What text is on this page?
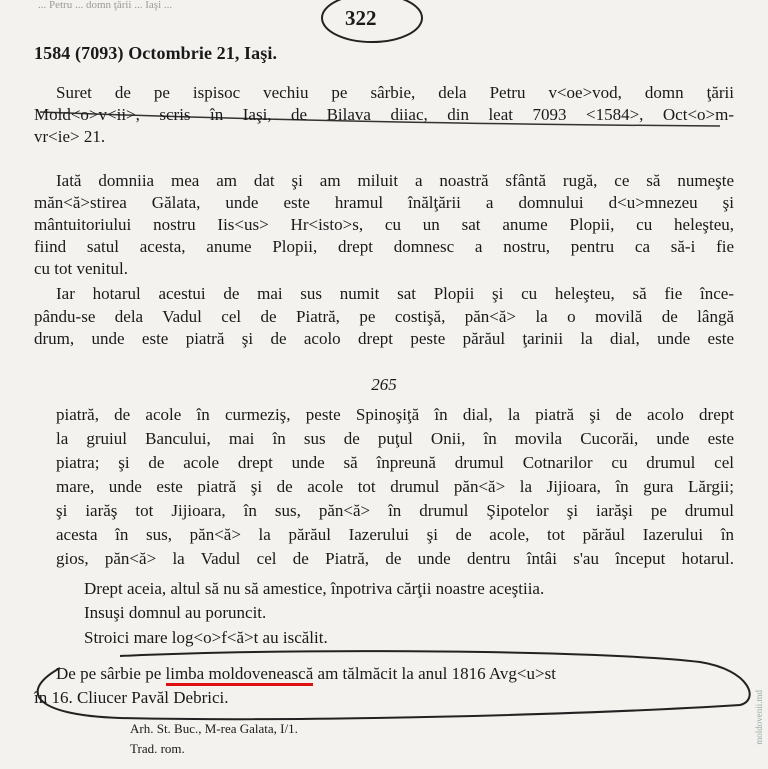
... Petru ... domn ţării ... Iaşi ...
322
1584 (7093) Octombrie 21, Iaşi.
Suret de pe ispisoc vechiu pe sârbie, dela Petru v<oe>vod, domn ţării
Mold<o>v<ii>, scris în Iaşi, de Bilava diiac, din leat 7093 <1584>, Oct<o>m-
vr<ie> 21.
Iată domniia mea am dat şi am miluit a noastră sfântă rugă, ce să numeşte
măn<ă>stirea Gălata, unde este hramul înălţării a domnului d<u>mnezeu şi
mântuitoriului nostru Iis<us> Hr<isto>s, cu un sat anume Plopii, cu heleşteu,
fiind satul acesta, anume Plopii, drept domnesc a nostru, pentru ca să-i fie
cu tot venitul.
Iar hotarul acestui de mai sus numit sat Plopii şi cu heleşteu, să fie înce-
pându-se dela Vadul cel de Piatră, pe costişă, păn<ă> la o movilă de lângă
drum, unde este piatră şi de acolo drept peste părăul ţarinii la dial, unde este
265
piatră, de acole în curmeziş, peste Spinoşiţă în dial, la piatră şi de acolo drept
la gruiul Bancului, mai în sus de puţul Onii, în movila Cucorăi, unde este
piatra; şi de acole drept unde să înpreună drumul Cotnarilor cu drumul cel
mare, unde este piatră şi de acole tot drumul păn<ă> la Jijioara, în gura Lărgii;
şi iarăş tot Jijioara, în sus, păn<ă> în drumul Şipotelor şi iarăşi pe drumul
acesta în sus, păn<ă> la părăul Iazerului şi de acole, tot părăul Iazerului în
gios, păn<ă> la Vadul cel de Piatră, de unde dentru întâi s'au început hotarul.
Drept aceia, altul să nu să amestice, înpotriva cărţii noastre aceştiia.
Insuşi domnul au poruncit.
Stroici mare log<o>f<ă>t au iscălit.
De pe sârbie pe limba moldovenească am tălmăcit la anul 1816 Avg<u>st
în 16. Cliucer Pavăl Debrici.
Arh. St. Buc., M-rea Galata, I/1.
Trad. rom.
moldovenii.md
